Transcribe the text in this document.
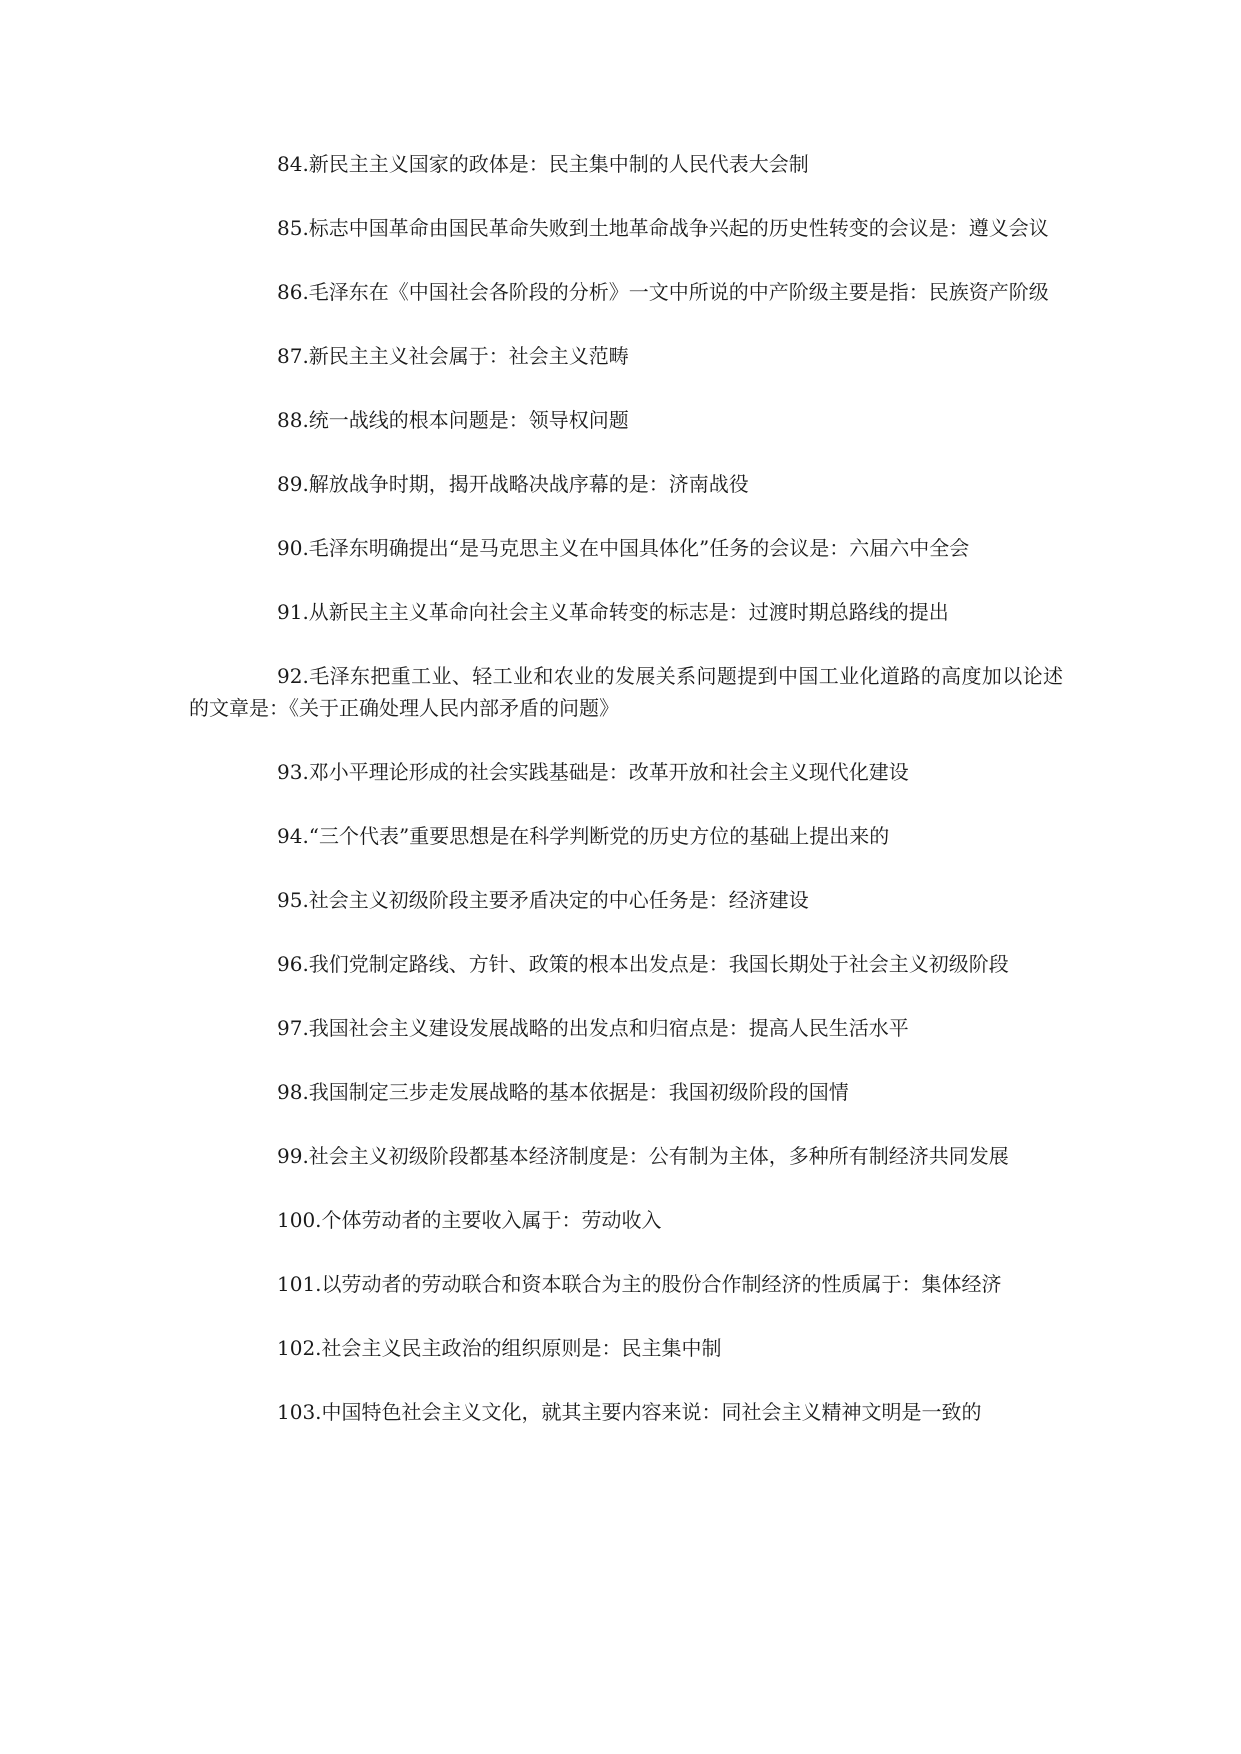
84.新民主主义国家的政体是：民主集中制的人民代表大会制

85.标志中国革命由国民革命失败到土地革命战争兴起的历史性转变的会议是：遵义会议

86.毛泽东在《中国社会各阶段的分析》一文中所说的中产阶级主要是指：民族资产阶级

87.新民主主义社会属于：社会主义范畴

88.统一战线的根本问题是：领导权问题

89.解放战争时期，揭开战略决战序幕的是：济南战役

90.毛泽东明确提出“是马克思主义在中国具体化”任务的会议是：六届六中全会

91.从新民主主义革命向社会主义革命转变的标志是：过渡时期总路线的提出

92.毛泽东把重工业、轻工业和农业的发展关系问题提到中国工业化道路的高度加以论述的文章是：《关于正确处理人民内部矛盾的问题》

93.邓小平理论形成的社会实践基础是：改革开放和社会主义现代化建设

94.“三个代表”重要思想是在科学判断党的历史方位的基础上提出来的

95.社会主义初级阶段主要矛盾决定的中心任务是：经济建设

96.我们党制定路线、方针、政策的根本出发点是：我国长期处于社会主义初级阶段

97.我国社会主义建设发展战略的出发点和归宿点是：提高人民生活水平

98.我国制定三步走发展战略的基本依据是：我国初级阶段的国情

99.社会主义初级阶段都基本经济制度是：公有制为主体，多种所有制经济共同发展

100.个体劳动者的主要收入属于：劳动收入

101.以劳动者的劳动联合和资本联合为主的股份合作制经济的性质属于：集体经济

102.社会主义民主政治的组织原则是：民主集中制

103.中国特色社会主义文化，就其主要内容来说：同社会主义精神文明是一致的
